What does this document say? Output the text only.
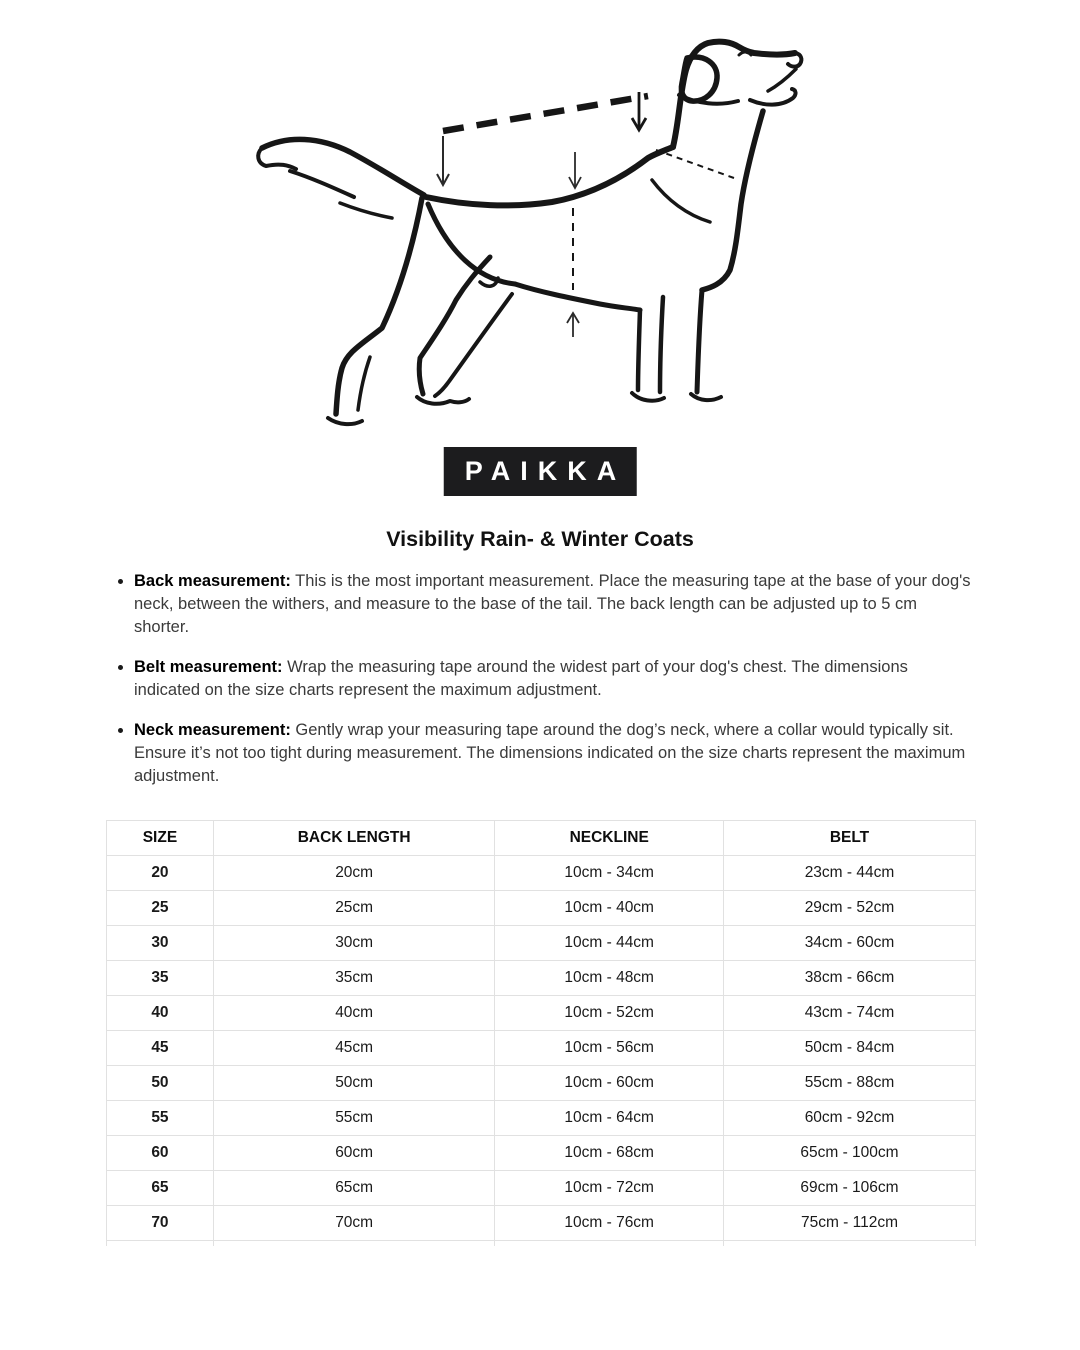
PAIKKA
Visibility Rain- & Winter Coats
• Back measurement: This is the most important measurement. Place the measuring tape at the base of your dog's neck, between the withers, and measure to the base of the tail. The back length can be adjusted up to 5 cm shorter.
• Belt measurement: Wrap the measuring tape around the widest part of your dog's chest. The dimensions indicated on the size charts represent the maximum adjustment.
• Neck measurement: Gently wrap your measuring tape around the dog’s neck, where a collar would typically sit. Ensure it’s not too tight during measurement. The dimensions indicated on the size charts represent the maximum adjustment.
SIZE	BACK LENGTH	NECKLINE	BELT
20	20cm	10cm - 34cm	23cm - 44cm
25	25cm	10cm - 40cm	29cm - 52cm
30	30cm	10cm - 44cm	34cm - 60cm
35	35cm	10cm - 48cm	38cm - 66cm
40	40cm	10cm - 52cm	43cm - 74cm
45	45cm	10cm - 56cm	50cm - 84cm
50	50cm	10cm - 60cm	55cm - 88cm
55	55cm	10cm - 64cm	60cm - 92cm
60	60cm	10cm - 68cm	65cm - 100cm
65	65cm	10cm - 72cm	69cm - 106cm
70	70cm	10cm - 76cm	75cm - 112cm
